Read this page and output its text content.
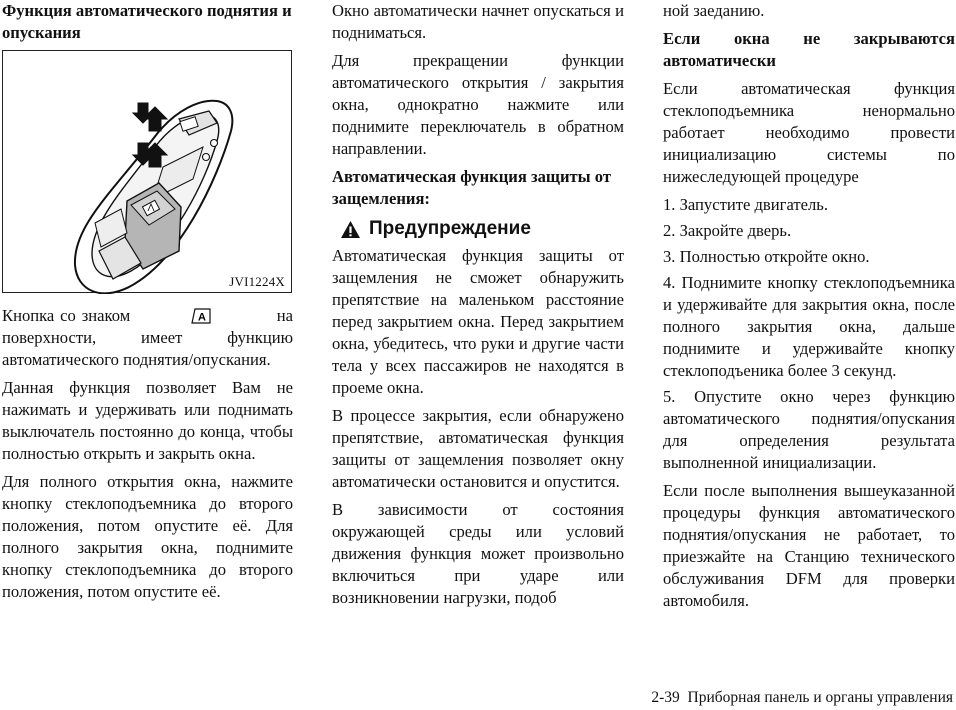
Функция автоматического поднятия и опускания
JVI1224X

Кнопка со знаком	A	на поверхности, имеет функцию автоматического поднятия/опускания.

Данная функция позволяет Вам не нажимать и удерживать или поднимать выключатель постоянно до конца, чтобы полностью открыть и закрыть окна.

Для полного открытия окна, нажмите кнопку стеклоподъемника до второго положения, потом опустите её. Для полного закрытия окна, поднимите кнопку стеклоподъемника до второго положения, потом опустите её.

Окно автоматически начнет опускаться и подниматься.

Для прекращении функции автоматического открытия / закрытия окна, однократно нажмите или поднимите переключатель в обратном направлении.

Автоматическая функция защиты от защемления:
Предупреждение

Автоматическая функция защиты от защемления не сможет обнаружить препятствие на маленьком расстояние перед закрытием окна. Перед закрытием окна, убедитесь, что руки и другие части тела у всех пассажиров не находятся в проеме окна.

В процессе закрытия, если обнаружено препятствие, автоматическая функция защиты от защемления позволяет окну автоматически остановится и опустится.

В зависимости от состояния окружающей среды или условий движения функция может произвольно включиться при ударе или возникновении нагрузки, подоб

ной заеданию.

Если окна не закрываются автоматически

Если автоматическая функция стеклоподъемника ненормально работает необходимо провести инициализацию системы по нижеследующей процедуре

1. Запустите двигатель.

2. Закройте дверь.

3. Полностью откройте окно.

4. Поднимите кнопку стеклоподъемника и удерживайте для закрытия окна, после полного закрытия окна, дальше поднимите и удерживайте кнопку стеклоподъеника более 3 секунд.

5. Опустите окно через функцию автоматического поднятия/опускания для определения результата выполненной инициализации.

Если после выполнения вышеуказанной процедуры функция автоматического поднятия/опускания не работает, то приезжайте на Станцию технического обслуживания DFM для проверки автомобиля.

2-39 Приборная панель и органы управления
